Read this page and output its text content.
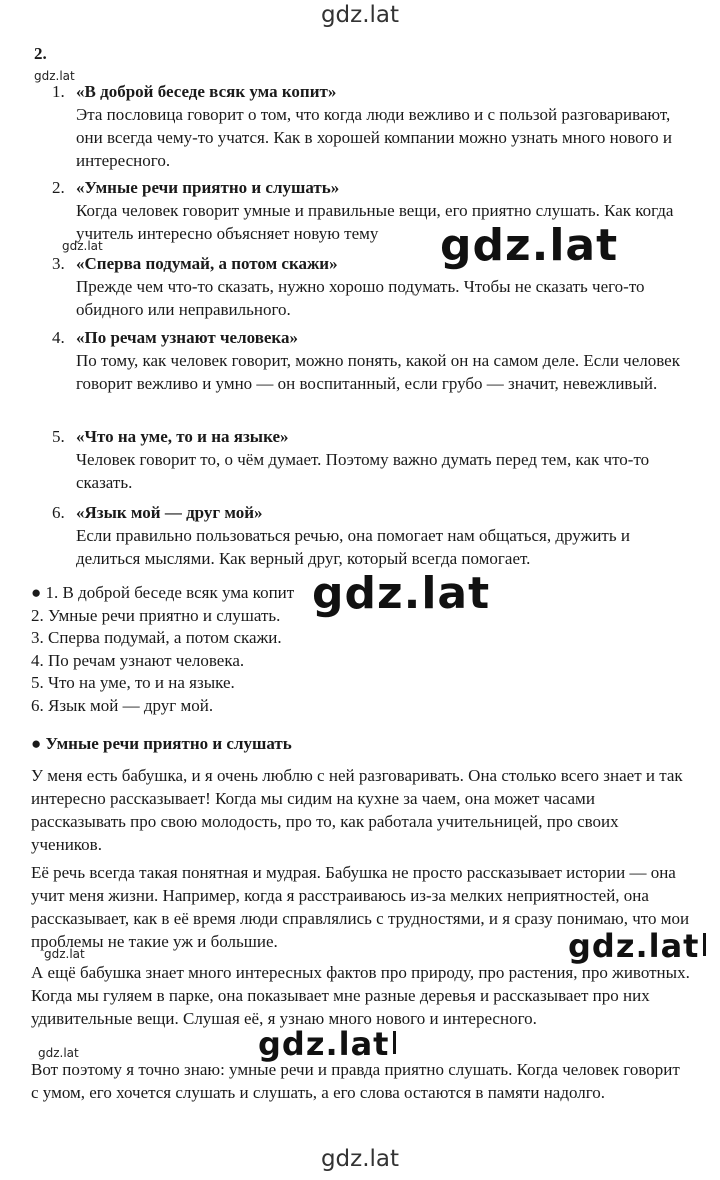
gdz.lat
gdz.lat
gdz.lat	gdz.lat
gdz.lat
gdz.lat
gdz.lat
gdz.lat
gdz.lat
gdz.lat
2.
1. «В доброй беседе всяк ума копит»
Эта пословица говорит о том, что когда люди вежливо и с пользой разговаривают, они всегда чему-то учатся. Как в хорошей компании можно узнать много нового и интересного.
2. «Умные речи приятно и слушать»
Когда человек говорит умные и правильные вещи, его приятно слушать. Как когда учитель интересно объясняет новую тему
3. «Сперва подумай, а потом скажи»
Прежде чем что-то сказать, нужно хорошо подумать. Чтобы не сказать чего-то обидного или неправильного.
4. «По речам узнают человека»
По тому, как человек говорит, можно понять, какой он на самом деле. Если человек говорит вежливо и умно — он воспитанный, если грубо — значит, невежливый.
5. «Что на уме, то и на языке»
Человек говорит то, о чём думает. Поэтому важно думать перед тем, как что-то сказать.
6. «Язык мой — друг мой»
Если правильно пользоваться речью, она помогает нам общаться, дружить и делиться мыслями. Как верный друг, который всегда помогает.
● 1. В доброй беседе всяк ума копит
2. Умные речи приятно и слушать.
3. Сперва подумай, а потом скажи.
4. По речам узнают человека.
5. Что на уме, то и на языке.
6. Язык мой — друг мой.
● Умные речи приятно и слушать
У меня есть бабушка, и я очень люблю с ней разговаривать. Она столько всего знает и так интересно рассказывает! Когда мы сидим на кухне за чаем, она может часами рассказывать про свою молодость, про то, как работала учительницей, про своих учеников.
Её речь всегда такая понятная и мудрая. Бабушка не просто рассказывает истории — она учит меня жизни. Например, когда я расстраиваюсь из-за мелких неприятностей, она рассказывает, как в её время люди справлялись с трудностями, и я сразу понимаю, что мои проблемы не такие уж и большие.
А ещё бабушка знает много интересных фактов про природу, про растения, про животных. Когда мы гуляем в парке, она показывает мне разные деревья и рассказывает про них удивительные вещи. Слушая её, я узнаю много нового и интересного.
Вот поэтому я точно знаю: умные речи и правда приятно слушать. Когда человек говорит с умом, его хочется слушать и слушать, а его слова остаются в памяти надолго.
